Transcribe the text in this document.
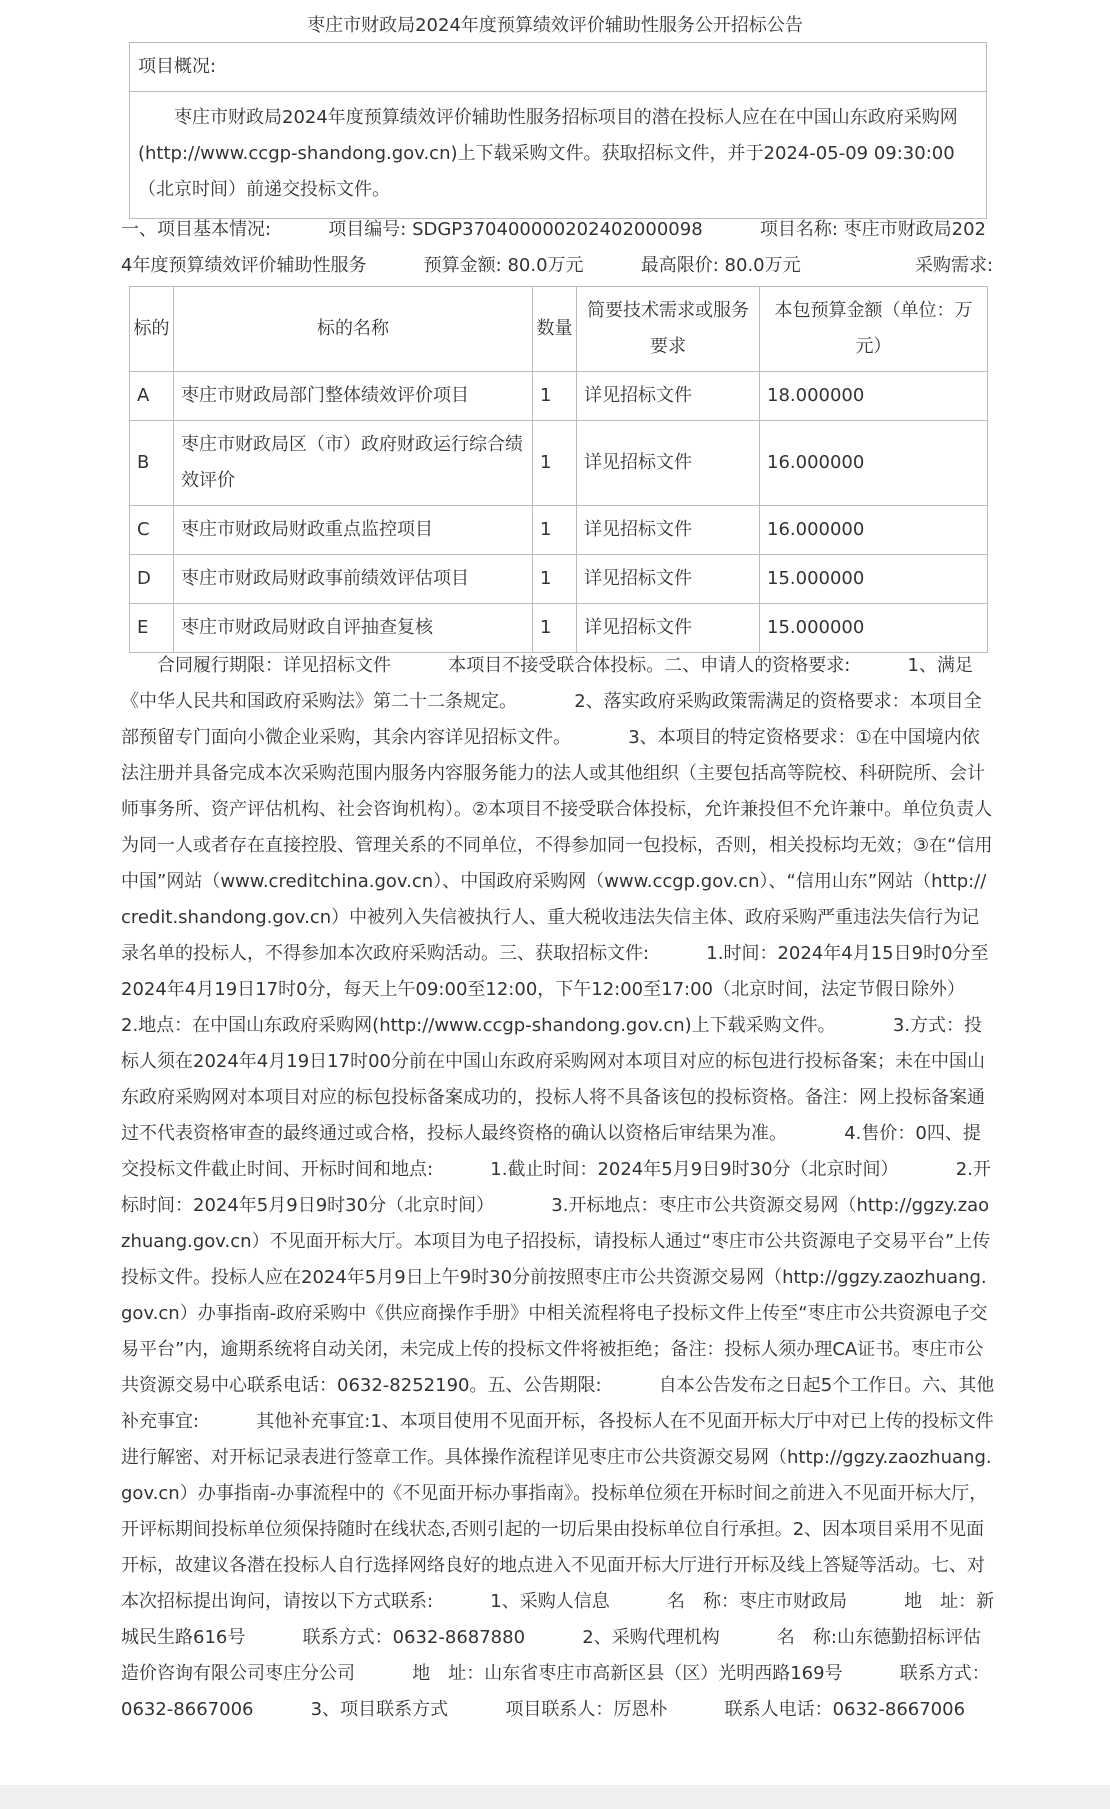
枣庄市财政局2024年度预算绩效评价辅助性服务公开招标公告
项目概况:
枣庄市财政局2024年度预算绩效评价辅助性服务招标项目的潜在投标人应在在中国山东政府采购网(http://www.ccgp-shandong.gov.cn)上下载采购文件。获取招标文件，并于2024-05-09 09:30:00（北京时间）前递交投标文件。

一、项目基本情况:          项目编号: SDGP370400000202402000098          项目名称: 枣庄市财政局2024年度预算绩效评价辅助性服务          预算金额: 80.0万元          最高限价: 80.0万元                    采购需求:

标的	标的名称	数量	简要技术需求或服务要求	本包预算金额（单位：万元）
A	枣庄市财政局部门整体绩效评价项目	1	详见招标文件	18.000000
B	枣庄市财政局区（市）政府财政运行综合绩效评价	1	详见招标文件	16.000000
C	枣庄市财政局财政重点监控项目	1	详见招标文件	16.000000
D	枣庄市财政局财政事前绩效评估项目	1	详见招标文件	15.000000
E	枣庄市财政局财政自评抽查复核	1	详见招标文件	15.000000

合同履行期限：详见招标文件          本项目不接受联合体投标。二、申请人的资格要求:          1、满足《中华人民共和国政府采购法》第二十二条规定。          2、落实政府采购政策需满足的资格要求：本项目全部预留专门面向小微企业采购，其余内容详见招标文件。          3、本项目的特定资格要求：①在中国境内依法注册并具备完成本次采购范围内服务内容服务能力的法人或其他组织（主要包括高等院校、科研院所、会计师事务所、资产评估机构、社会咨询机构）。②本项目不接受联合体投标，允许兼投但不允许兼中。单位负责人为同一人或者存在直接控股、管理关系的不同单位，不得参加同一包投标，否则，相关投标均无效；③在“信用中国”网站（www.creditchina.gov.cn）、中国政府采购网（www.ccgp.gov.cn）、“信用山东”网站（http://credit.shandong.gov.cn）中被列入失信被执行人、重大税收违法失信主体、政府采购严重违法失信行为记录名单的投标人，不得参加本次政府采购活动。三、获取招标文件:          1.时间：2024年4月15日9时0分至2024年4月19日17时0分，每天上午09:00至12:00，下午12:00至17:00（北京时间，法定节假日除外）          2.地点：在中国山东政府采购网(http://www.ccgp-shandong.gov.cn)上下载采购文件。          3.方式：投标人须在2024年4月19日17时00分前在中国山东政府采购网对本项目对应的标包进行投标备案；未在中国山东政府采购网对本项目对应的标包投标备案成功的，投标人将不具备该包的投标资格。备注：网上投标备案通过不代表资格审查的最终通过或合格，投标人最终资格的确认以资格后审结果为准。          4.售价：0四、提交投标文件截止时间、开标时间和地点:          1.截止时间：2024年5月9日9时30分（北京时间）          2.开标时间：2024年5月9日9时30分（北京时间）          3.开标地点：枣庄市公共资源交易网（http://ggzy.zaozhuang.gov.cn）不见面开标大厅。本项目为电子招投标，请投标人通过“枣庄市公共资源电子交易平台”上传投标文件。投标人应在2024年5月9日上午9时30分前按照枣庄市公共资源交易网（http://ggzy.zaozhuang.gov.cn）办事指南-政府采购中《供应商操作手册》中相关流程将电子投标文件上传至“枣庄市公共资源电子交易平台”内，逾期系统将自动关闭，未完成上传的投标文件将被拒绝；备注：投标人须办理CA证书。枣庄市公共资源交易中心联系电话：0632-8252190。五、公告期限:          自本公告发布之日起5个工作日。六、其他补充事宜:          其他补充事宜:1、本项目使用不见面开标，各投标人在不见面开标大厅中对已上传的投标文件进行解密、对开标记录表进行签章工作。具体操作流程详见枣庄市公共资源交易网（http://ggzy.zaozhuang.gov.cn）办事指南-办事流程中的《不见面开标办事指南》。投标单位须在开标时间之前进入不见面开标大厅，开评标期间投标单位须保持随时在线状态,否则引起的一切后果由投标单位自行承担。2、因本项目采用不见面开标，故建议各潜在投标人自行选择网络良好的地点进入不见面开标大厅进行开标及线上答疑等活动。七、对本次招标提出询问，请按以下方式联系:          1、采购人信息          名　称：枣庄市财政局          地　址：新城民生路616号          联系方式：0632-8687880          2、采购代理机构          名　称:山东德勤招标评估造价咨询有限公司枣庄分公司          地　址：山东省枣庄市高新区县（区）光明西路169号          联系方式：0632-8667006          3、项目联系方式          项目联系人：厉恩朴          联系人电话：0632-8667006
